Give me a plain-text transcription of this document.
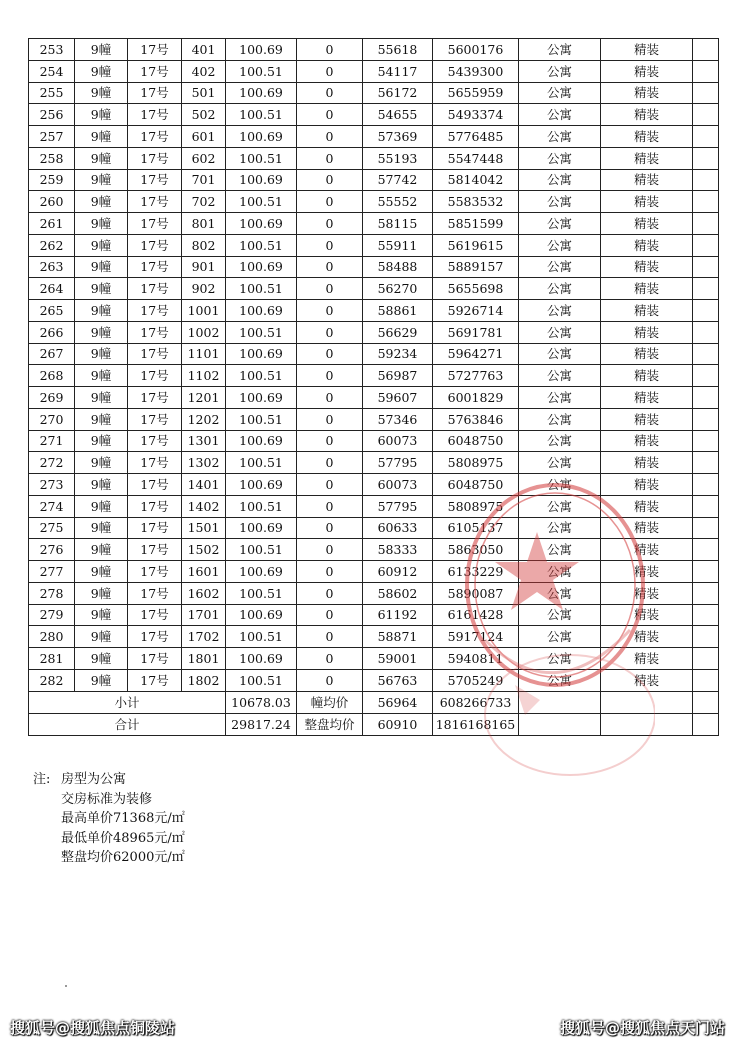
253	9幢	17号	401	100.69	0	55618	5600176	公寓	精装	
254	9幢	17号	402	100.51	0	54117	5439300	公寓	精装	
255	9幢	17号	501	100.69	0	56172	5655959	公寓	精装	
256	9幢	17号	502	100.51	0	54655	5493374	公寓	精装	
257	9幢	17号	601	100.69	0	57369	5776485	公寓	精装	
258	9幢	17号	602	100.51	0	55193	5547448	公寓	精装	
259	9幢	17号	701	100.69	0	57742	5814042	公寓	精装	
260	9幢	17号	702	100.51	0	55552	5583532	公寓	精装	
261	9幢	17号	801	100.69	0	58115	5851599	公寓	精装	
262	9幢	17号	802	100.51	0	55911	5619615	公寓	精装	
263	9幢	17号	901	100.69	0	58488	5889157	公寓	精装	
264	9幢	17号	902	100.51	0	56270	5655698	公寓	精装	
265	9幢	17号	1001	100.69	0	58861	5926714	公寓	精装	
266	9幢	17号	1002	100.51	0	56629	5691781	公寓	精装	
267	9幢	17号	1101	100.69	0	59234	5964271	公寓	精装	
268	9幢	17号	1102	100.51	0	56987	5727763	公寓	精装	
269	9幢	17号	1201	100.69	0	59607	6001829	公寓	精装	
270	9幢	17号	1202	100.51	0	57346	5763846	公寓	精装	
271	9幢	17号	1301	100.69	0	60073	6048750	公寓	精装	
272	9幢	17号	1302	100.51	0	57795	5808975	公寓	精装	
273	9幢	17号	1401	100.69	0	60073	6048750	公寓	精装	
274	9幢	17号	1402	100.51	0	57795	5808975	公寓	精装	
275	9幢	17号	1501	100.69	0	60633	6105137	公寓	精装	
276	9幢	17号	1502	100.51	0	58333	5863050	公寓	精装	
277	9幢	17号	1601	100.69	0	60912	6133229	公寓	精装	
278	9幢	17号	1602	100.51	0	58602	5890087	公寓	精装	
279	9幢	17号	1701	100.69	0	61192	6161428	公寓	精装	
280	9幢	17号	1702	100.51	0	58871	5917124	公寓	精装	
281	9幢	17号	1801	100.69	0	59001	5940811	公寓	精装	
282	9幢	17号	1802	100.51	0	56763	5705249	公寓	精装	
小计				10678.03	幢均价	56964	608266733			
合计				29817.24	整盘均价	60910	1816168165			
注: 房型为公寓
交房标准为装修
最高单价71368元/㎡
最低单价48965元/㎡
整盘均价62000元/㎡
搜狐号@搜狐焦点铜陵站	搜狐号@搜狐焦点天门站
